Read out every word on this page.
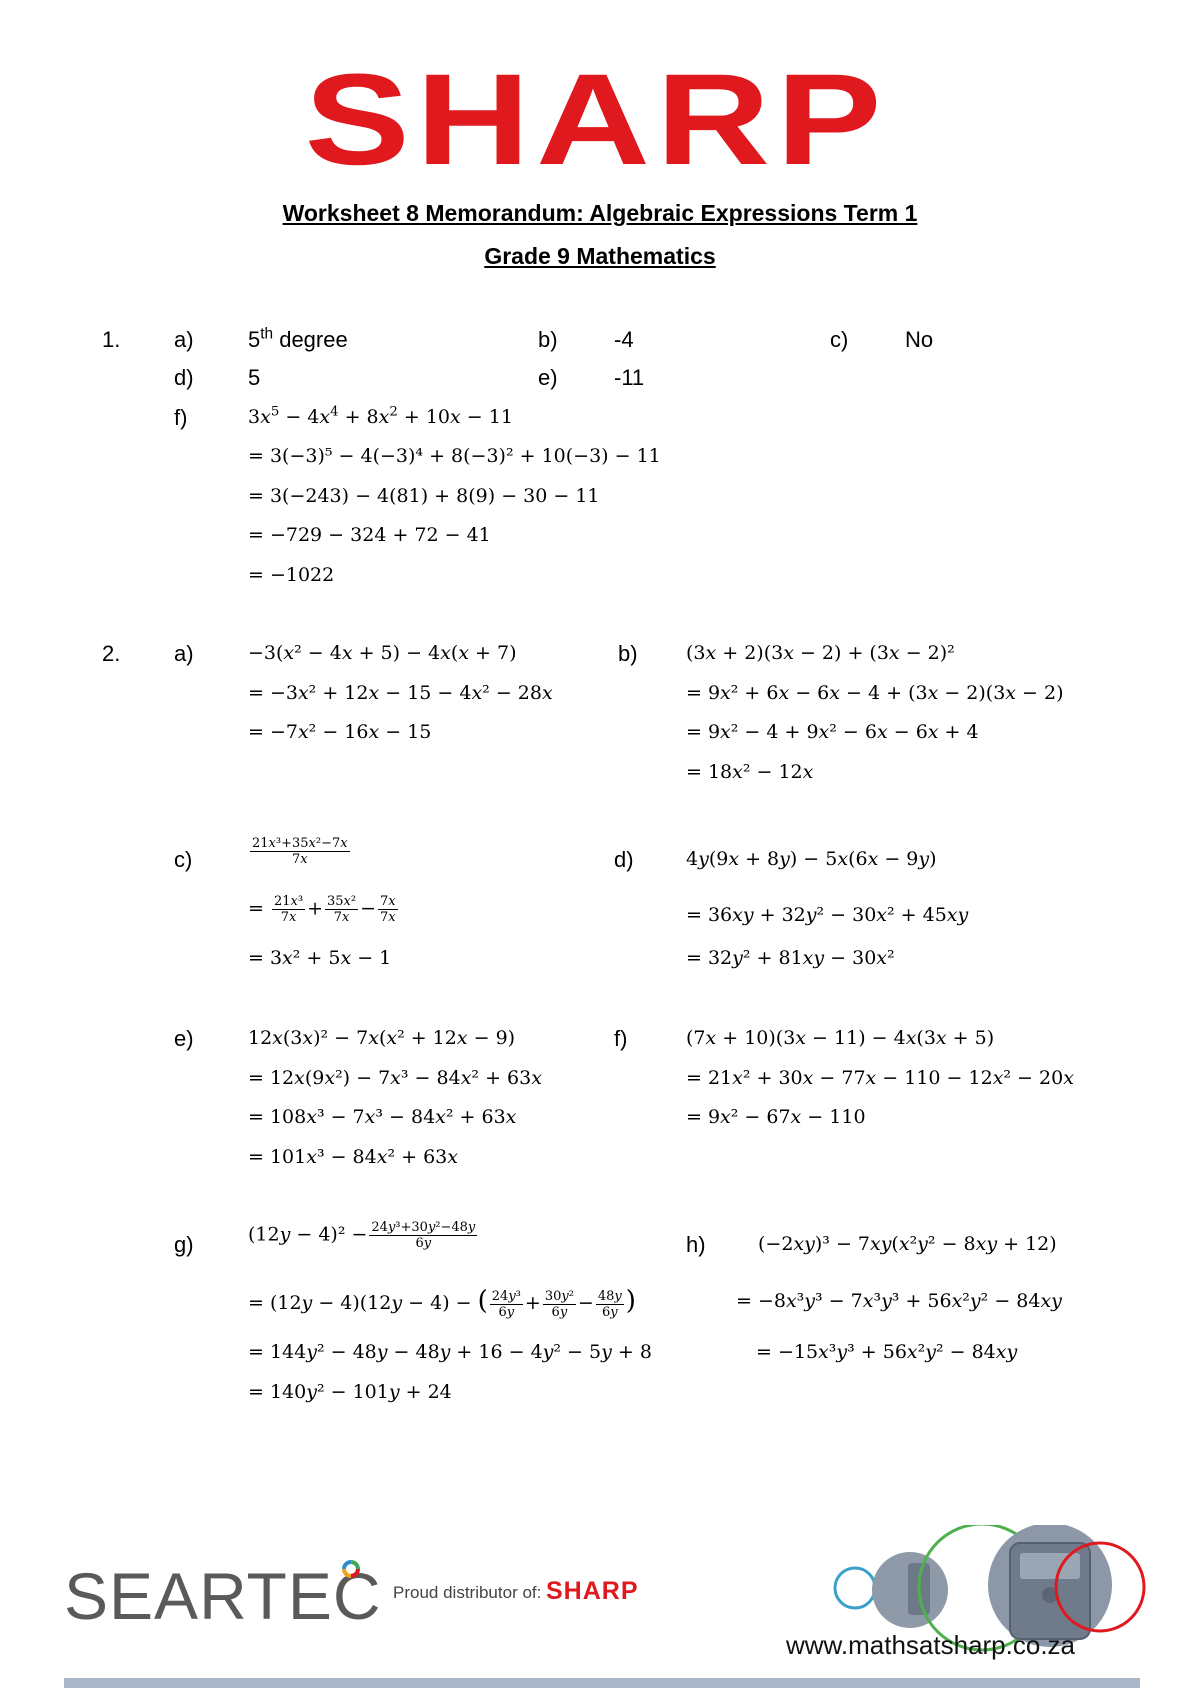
SHARP
Worksheet 8 Memorandum: Algebraic Expressions Term 1
Grade 9 Mathematics
1. a) 5th degree	b)	-4	c)	No
d) 5	e)	-11
f)	$3x^5 - 4x^4 + 8x^2 + 10x - 11$
= 3(−3)⁵ − 4(−3)⁴ + 8(−3)² + 10(−3) − 11
= 3(−243) − 4(81) + 8(9) − 30 − 11
= −729 − 324 + 72 − 41
= −1022
2. a)	−3(𝑥² − 4𝑥 + 5) − 4𝑥(𝑥 + 7)
= −3𝑥² + 12𝑥 − 15 − 4𝑥² − 28𝑥
= −7𝑥² − 16𝑥 − 15
b)	(3𝑥 + 2)(3𝑥 − 2) + (3𝑥 − 2)²
= 9𝑥² + 6𝑥 − 6𝑥 − 4 + (3𝑥 − 2)(3𝑥 − 2)
= 9𝑥² − 4 + 9𝑥² − 6𝑥 − 6𝑥 + 4
= 18𝑥² − 12𝑥
c)	$\frac{\text{21𝑥³+35𝑥²−7𝑥}}{\text{7𝑥}}$
= $\frac{\text{21𝑥³}}{\text{7𝑥}} + \frac{\text{35𝑥²}}{\text{7𝑥}} - \frac{\text{7𝑥}}{\text{7𝑥}}$
= 3𝑥² + 5𝑥 − 1
d)	4𝑦(9𝑥 + 8𝑦) − 5𝑥(6𝑥 − 9𝑦)
= 36𝑥𝑦 + 32𝑦² − 30𝑥² + 45𝑥𝑦
= 32𝑦² + 81𝑥𝑦 − 30𝑥²
e)	12𝑥(3𝑥)² − 7𝑥(𝑥² + 12𝑥 − 9)
= 12𝑥(9𝑥²) − 7𝑥³ − 84𝑥² + 63𝑥
= 108𝑥³ − 7𝑥³ − 84𝑥² + 63𝑥
= 101𝑥³ − 84𝑥² + 63𝑥
f)	(7𝑥 + 10)(3𝑥 − 11) − 4𝑥(3𝑥 + 5)
= 21𝑥² + 30𝑥 − 77𝑥 − 110 − 12𝑥² − 20𝑥
= 9𝑥² − 67𝑥 − 110
g)	(12𝑦 − $4)^2 - \frac{\text{24𝑦³+30𝑦²−48𝑦}}{\text{6𝑦}}$
= (12𝑦 − 4)(12𝑦 − 4) − ( $\frac{\text{24𝑦³}}{\text{6𝑦}} + \frac{\text{30𝑦²}}{\text{6𝑦}} - \frac{\text{48𝑦}}{\text{6𝑦}}$ )
= 144𝑦² − 48𝑦 − 48𝑦 + 16 − 4𝑦² − 5𝑦 + 8
= 140𝑦² − 101𝑦 + 24
h)	(−2𝑥𝑦)³ − 7𝑥𝑦(𝑥²𝑦² − 8𝑥𝑦 + 12)
= −8𝑥³𝑦³ − 7𝑥³𝑦³ + 56𝑥²𝑦² − 84𝑥𝑦
= −15𝑥³𝑦³ + 56𝑥²𝑦² − 84𝑥𝑦
SEARTEC Proud distributor of: SHARP
www.mathsatsharp.co.za
